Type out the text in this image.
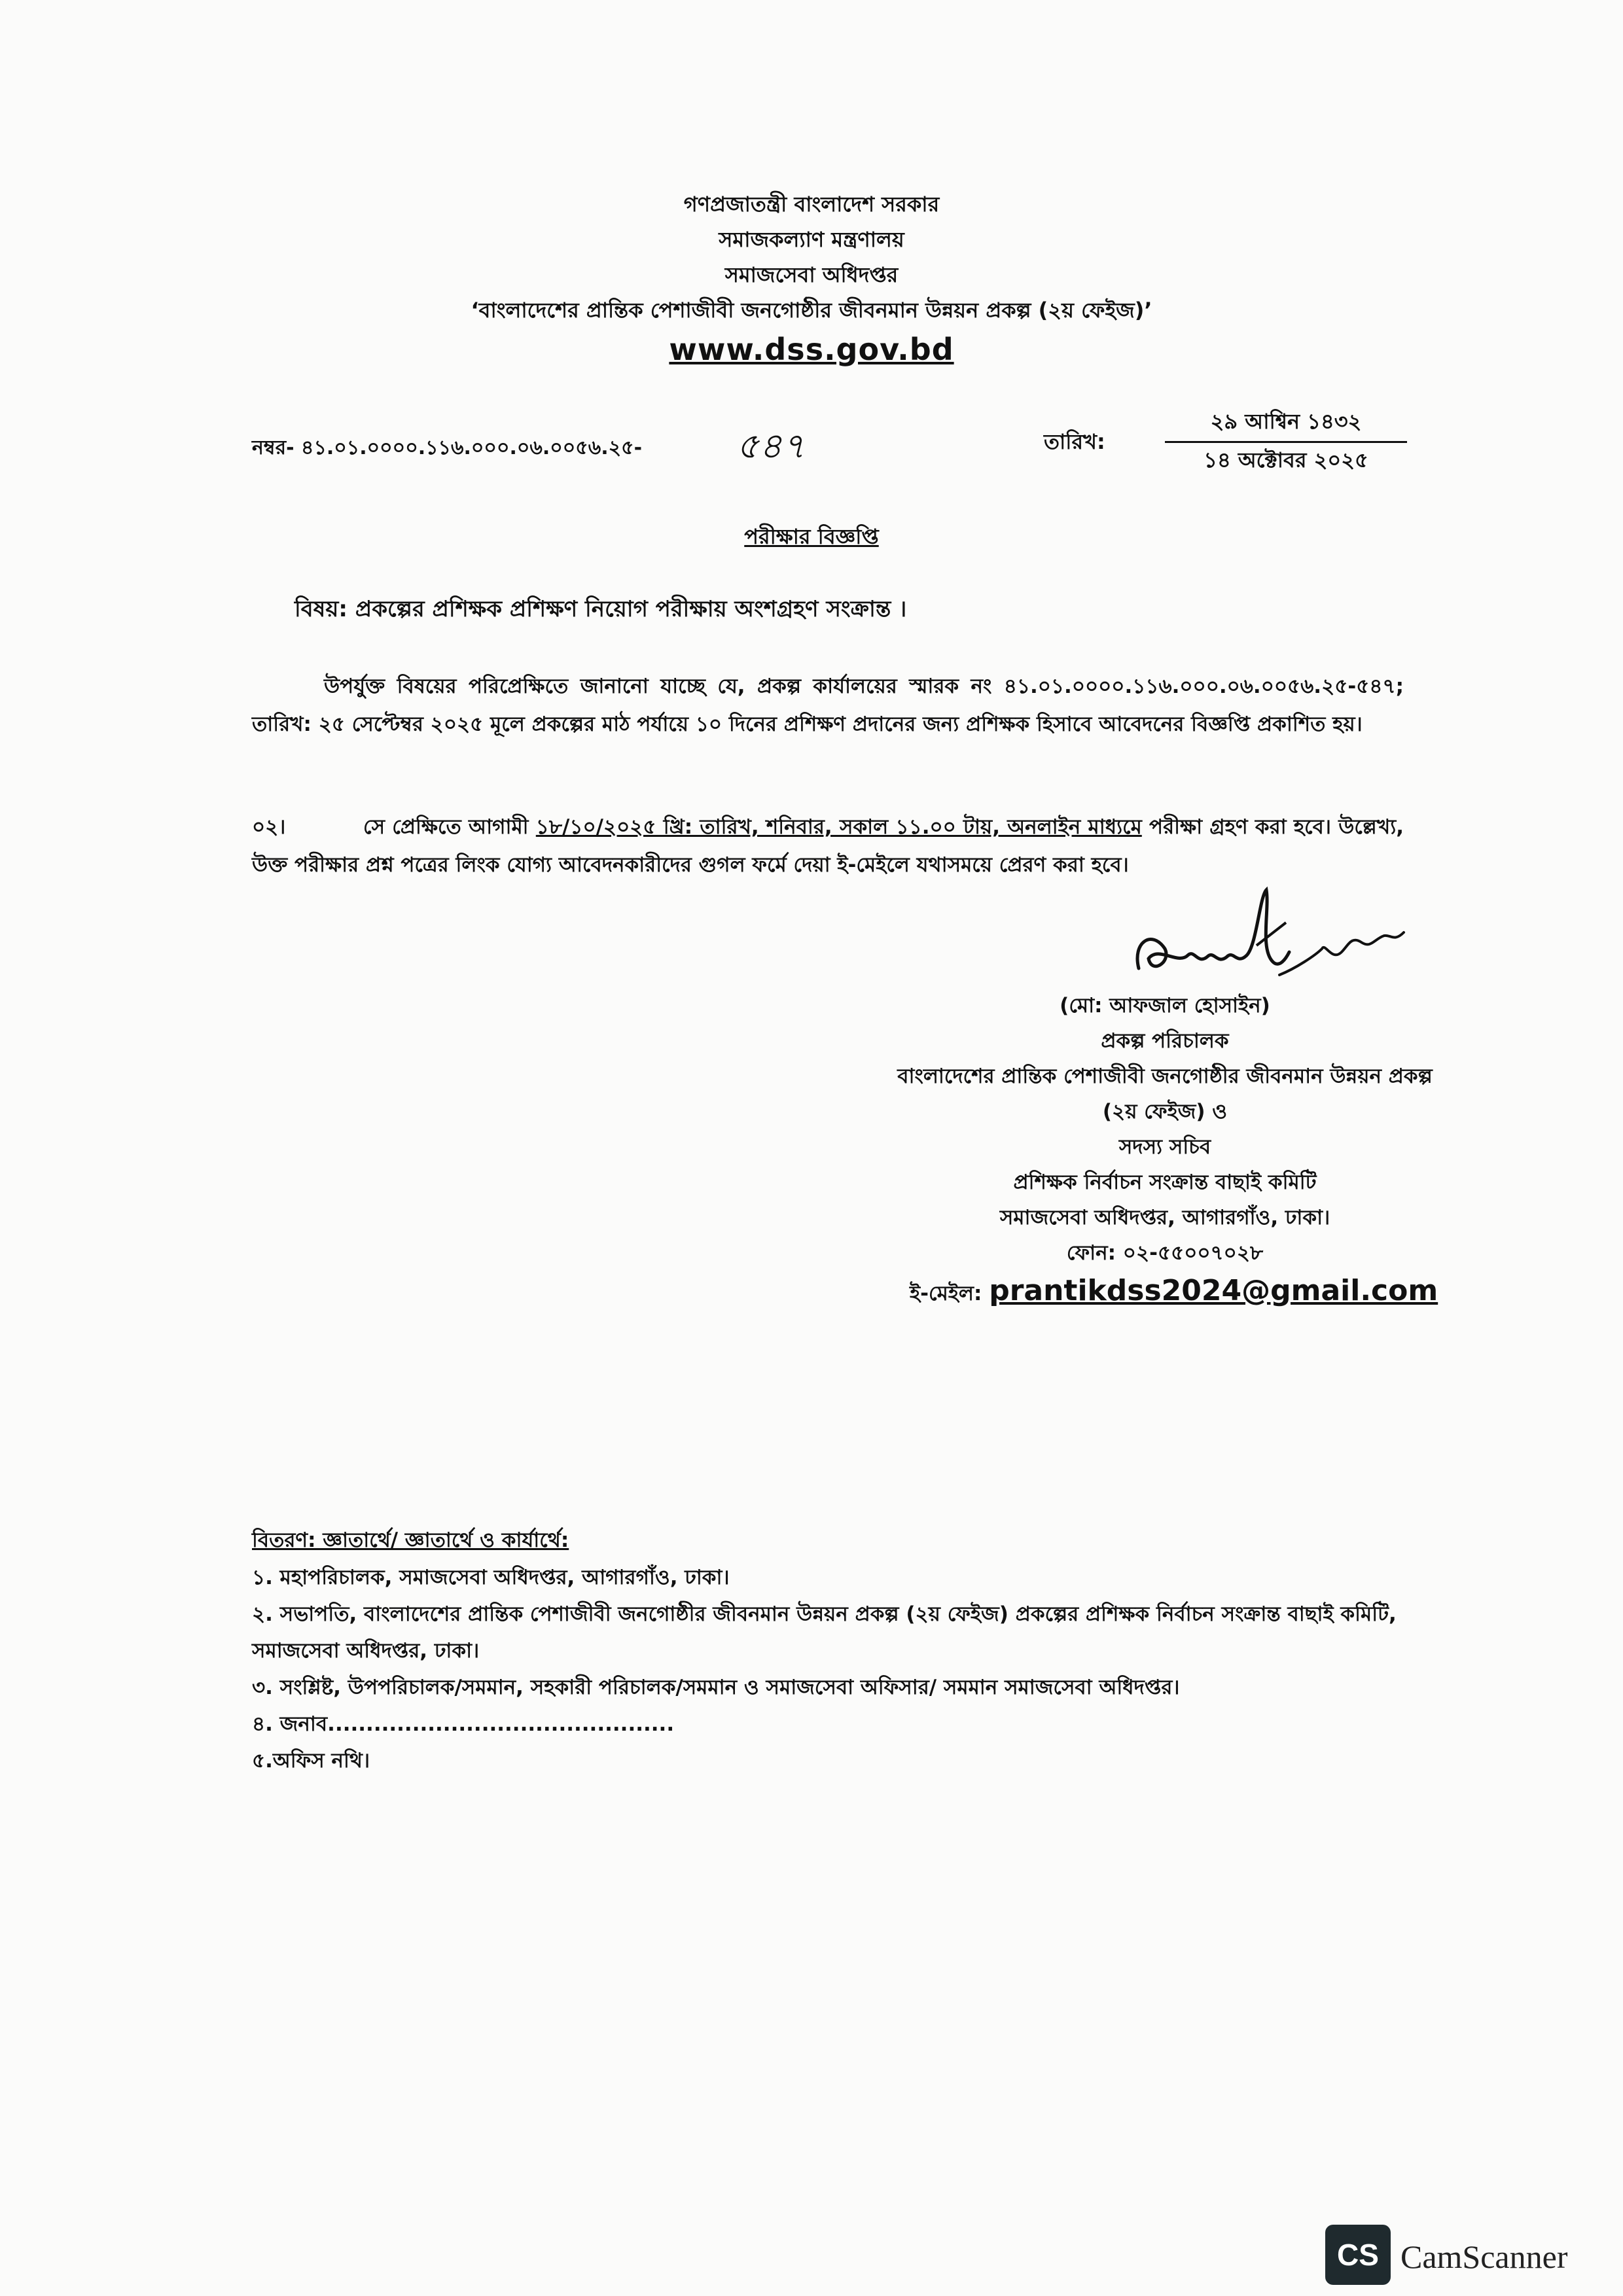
গণপ্রজাতন্ত্রী বাংলাদেশ সরকার
সমাজকল্যাণ মন্ত্রণালয়
সমাজসেবা অধিদপ্তর
‘বাংলাদেশের প্রান্তিক পেশাজীবী জনগোষ্ঠীর জীবনমান উন্নয়ন প্রকল্প (২য় ফেইজ)’
www.dss.gov.bd
নম্বর- ৪১.০১.০০০০.১১৬.০০০.০৬.০০৫৬.২৫-	৫৪৭	তারিখ:
২৯ আশ্বিন ১৪৩২
১৪ অক্টোবর ২০২৫
পরীক্ষার বিজ্ঞপ্তি
বিষয়: প্রকল্পের প্রশিক্ষক প্রশিক্ষণ নিয়োগ পরীক্ষায় অংশগ্রহণ সংক্রান্ত ।
উপর্যুক্ত বিষয়ের পরিপ্রেক্ষিতে জানানো যাচ্ছে যে, প্রকল্প কার্যালয়ের স্মারক নং ৪১.০১.০০০০.১১৬.০০০.০৬.০০৫৬.২৫-৫৪৭; তারিখ: ২৫ সেপ্টেম্বর ২০২৫ মূলে প্রকল্পের মাঠ পর্যায়ে ১০ দিনের প্রশিক্ষণ প্রদানের জন্য প্রশিক্ষক হিসাবে আবেদনের বিজ্ঞপ্তি প্রকাশিত হয়।
০২।	সে প্রেক্ষিতে আগামী ১৮/১০/২০২৫ খ্রি: তারিখ, শনিবার, সকাল ১১.০০ টায়, অনলাইন মাধ্যমে পরীক্ষা গ্রহণ করা হবে। উল্লেখ্য, উক্ত পরীক্ষার প্রশ্ন পত্রের লিংক যোগ্য আবেদনকারীদের গুগল ফর্মে দেয়া ই-মেইলে যথাসময়ে প্রেরণ করা হবে।
(মো: আফজাল হোসাইন)
প্রকল্প পরিচালক
বাংলাদেশের প্রান্তিক পেশাজীবী জনগোষ্ঠীর জীবনমান উন্নয়ন প্রকল্প
(২য় ফেইজ) ও
সদস্য সচিব
প্রশিক্ষক নির্বাচন সংক্রান্ত বাছাই কমিটি
সমাজসেবা অধিদপ্তর, আগারগাঁও, ঢাকা।
ফোন: ০২-৫৫০০৭০২৮
ই-মেইল: prantikdss2024@gmail.com
বিতরণ: জ্ঞাতার্থে/ জ্ঞাতার্থে ও কার্যার্থে:
১. মহাপরিচালক, সমাজসেবা অধিদপ্তর, আগারগাঁও, ঢাকা।
২. সভাপতি, বাংলাদেশের প্রান্তিক পেশাজীবী জনগোষ্ঠীর জীবনমান উন্নয়ন প্রকল্প (২য় ফেইজ) প্রকল্পের প্রশিক্ষক নির্বাচন সংক্রান্ত বাছাই কমিটি, সমাজসেবা অধিদপ্তর, ঢাকা।
৩. সংশ্লিষ্ট, উপপরিচালক/সমমান, সহকারী পরিচালক/সমমান ও সমাজসেবা অফিসার/ সমমান সমাজসেবা অধিদপ্তর।
৪. জনাব.............................................
৫.অফিস নথি।
CS CamScanner
